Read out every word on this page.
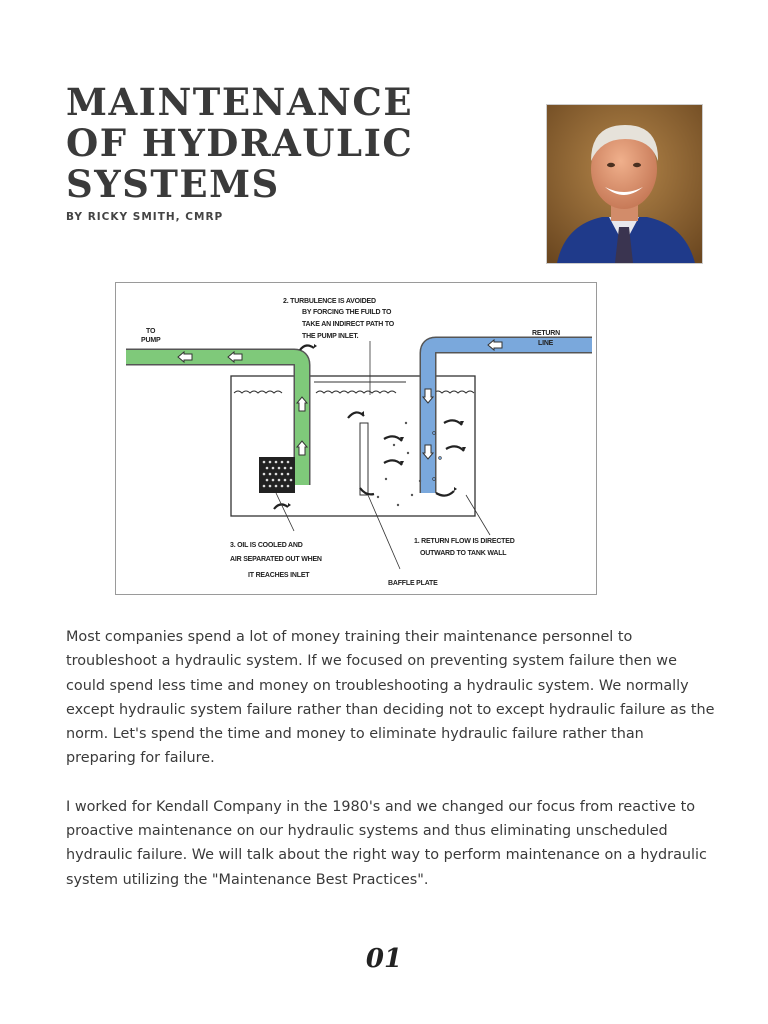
MAINTENANCE
OF HYDRAULIC
SYSTEMS
BY RICKY SMITH, CMRP
TO
PUMP
RETURN
LINE
2. TURBULENCE IS AVOIDED
BY FORCING THE FUILD TO
TAKE AN INDIRECT PATH TO
THE PUMP INLET.
3. OIL IS COOLED AND
AIR SEPARATED OUT WHEN
IT REACHES INLET
1. RETURN FLOW IS DIRECTED
OUTWARD TO TANK WALL
BAFFLE PLATE

Most companies spend a lot of money training their maintenance personnel to troubleshoot a hydraulic system. If we focused on preventing system failure then we could spend less time and money on troubleshooting a hydraulic system. We normally except hydraulic system failure rather than deciding not to except hydraulic failure as the norm. Let's spend the time and money to eliminate hydraulic failure rather than preparing for failure.

I worked for Kendall Company in the 1980's and we changed our focus from reactive to proactive maintenance on our hydraulic systems and thus eliminating unscheduled hydraulic failure. We will talk about the right way to perform maintenance on a hydraulic system utilizing the "Maintenance Best Practices".

01
